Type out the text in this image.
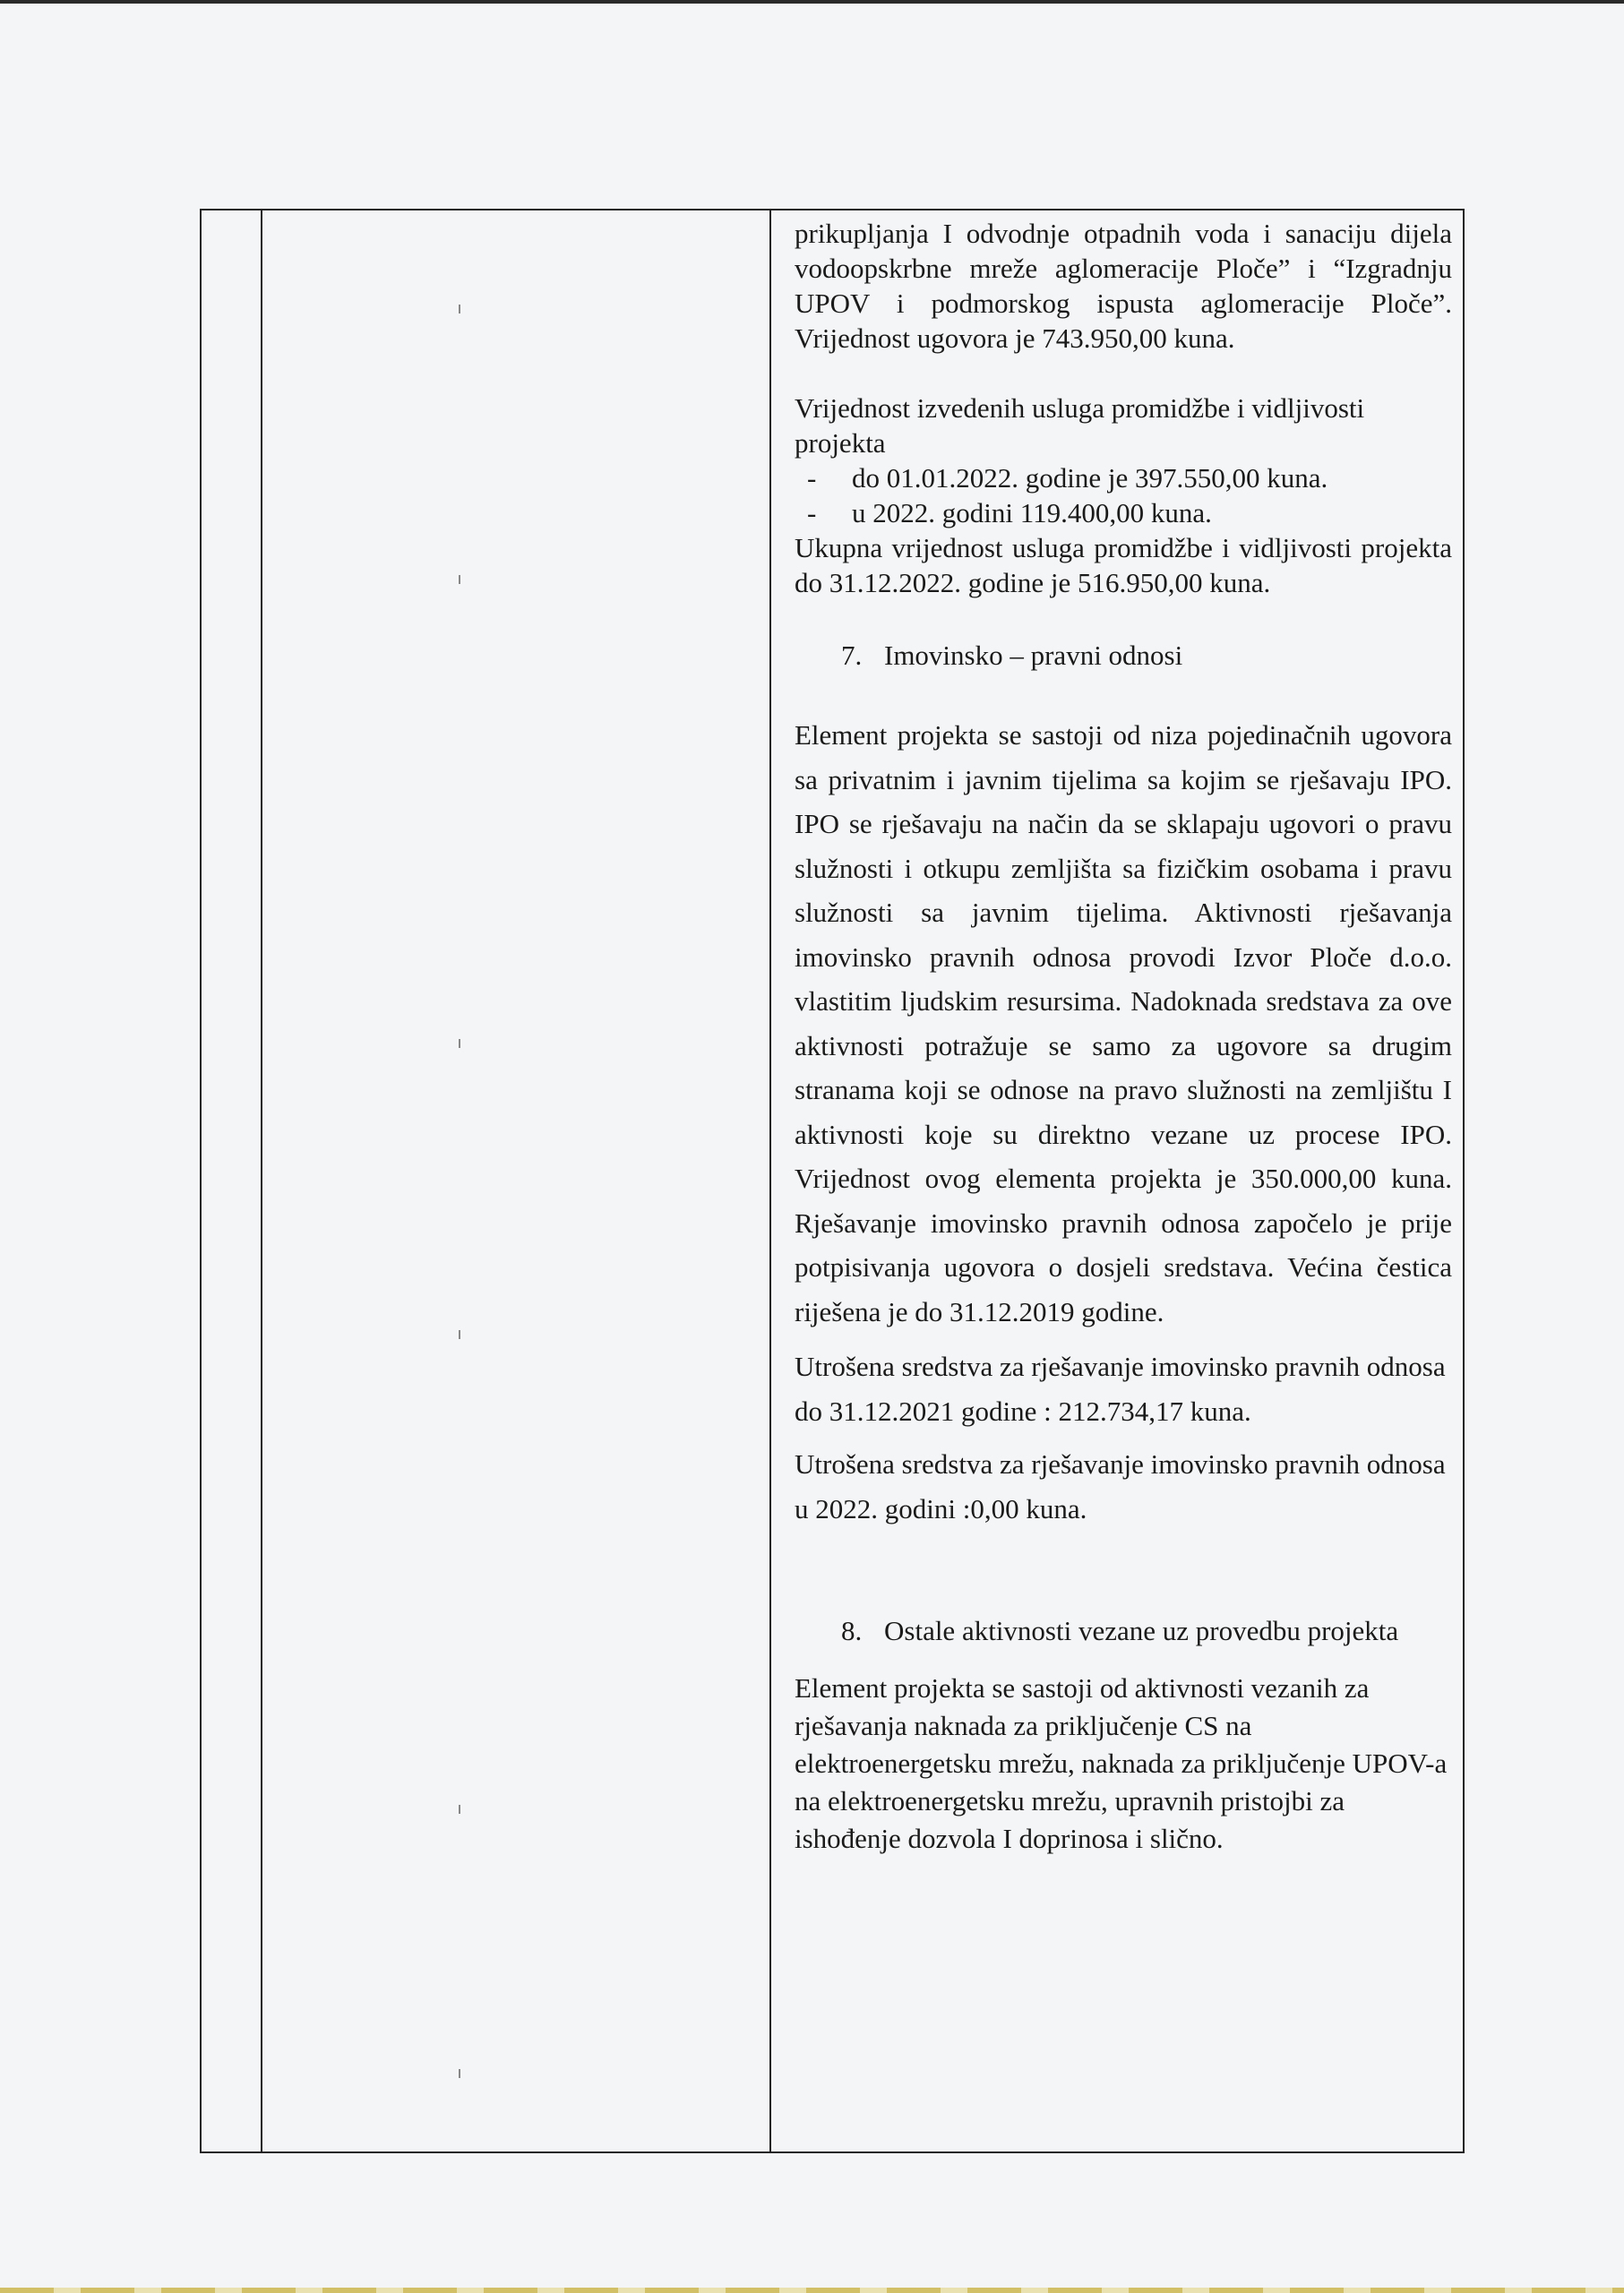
prikupljanja I odvodnje otpadnih voda i sanaciju dijela vodoopskrbne mreže aglomeracije Ploče” i “Izgradnju UPOV i podmorskog ispusta aglomeracije Ploče”. Vrijednost ugovora je 743.950,00 kuna.

Vrijednost izvedenih usluga promidžbe i vidljivosti projekta

- do 01.01.2022. godine je 397.550,00 kuna.
- u 2022. godini 119.400,00 kuna.

Ukupna vrijednost usluga promidžbe i vidljivosti projekta do 31.12.2022. godine je 516.950,00 kuna.

7. Imovinsko – pravni odnosi

Element projekta se sastoji od niza pojedinačnih ugovora sa privatnim i javnim tijelima sa kojim se rješavaju IPO. IPO se rješavaju na način da se sklapaju ugovori o pravu služnosti i otkupu zemljišta sa fizičkim osobama i pravu služnosti sa javnim tijelima. Aktivnosti rješavanja imovinsko pravnih odnosa provodi Izvor Ploče d.o.o. vlastitim ljudskim resursima. Nadoknada sredstava za ove aktivnosti potražuje se samo za ugovore sa drugim stranama koji se odnose na pravo služnosti na zemljištu I aktivnosti koje su direktno vezane uz procese IPO. Vrijednost ovog elementa projekta je 350.000,00 kuna. Rješavanje imovinsko pravnih odnosa započelo je prije potpisivanja ugovora o dosjeli sredstava. Većina čestica riješena je do 31.12.2019 godine.

Utrošena sredstva za rješavanje imovinsko pravnih odnosa do 31.12.2021 godine : 212.734,17 kuna.

Utrošena sredstva za rješavanje imovinsko pravnih odnosa u 2022. godini :0,00 kuna.

8. Ostale aktivnosti vezane uz provedbu projekta

Element projekta se sastoji od aktivnosti vezanih za rješavanja naknada za priključenje CS na elektroenergetsku mrežu, naknada za priključenje UPOV-a na elektroenergetsku mrežu, upravnih pristojbi za ishođenje dozvola I doprinosa i slično.
